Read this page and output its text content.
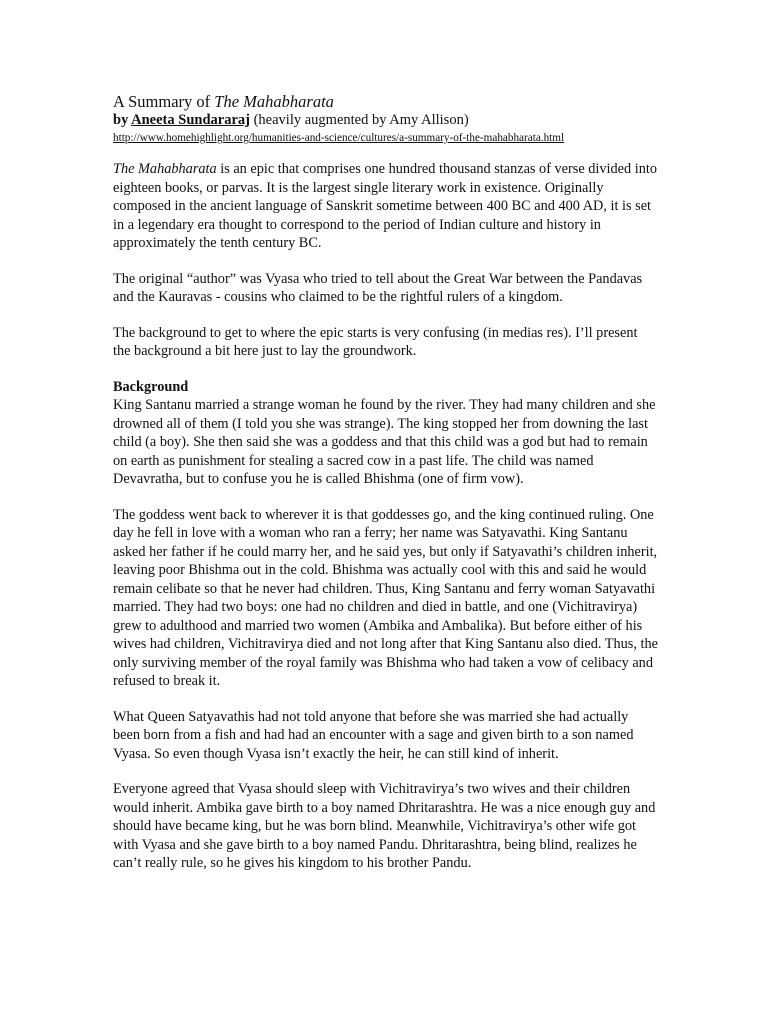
A Summary of The Mahabharata

by Aneeta Sundararaj (heavily augmented by Amy Allison)

http://www.homehighlight.org/humanities-and-science/cultures/a-summary-of-the-mahabharata.html

The Mahabharata is an epic that comprises one hundred thousand stanzas of verse divided into eighteen books, or parvas. It is the largest single literary work in existence. Originally composed in the ancient language of Sanskrit sometime between 400 BC and 400 AD, it is set in a legendary era thought to correspond to the period of Indian culture and history in approximately the tenth century BC.

The original “author” was Vyasa who tried to tell about the Great War between the Pandavas and the Kauravas - cousins who claimed to be the rightful rulers of a kingdom.

The background to get to where the epic starts is very confusing (in medias res). I’ll present the background a bit here just to lay the groundwork.

Background

King Santanu married a strange woman he found by the river. They had many children and she drowned all of them (I told you she was strange). The king stopped her from downing the last child (a boy). She then said she was a goddess and that this child was a god but had to remain on earth as punishment for stealing a sacred cow in a past life. The child was named Devavratha, but to confuse you he is called Bhishma (one of firm vow).

The goddess went back to wherever it is that goddesses go, and the king continued ruling. One day he fell in love with a woman who ran a ferry; her name was Satyavathi. King Santanu asked her father if he could marry her, and he said yes, but only if Satyavathi’s children inherit, leaving poor Bhishma out in the cold. Bhishma was actually cool with this and said he would remain celibate so that he never had children. Thus, King Santanu and ferry woman Satyavathi married. They had two boys: one had no children and died in battle, and one (Vichitravirya) grew to adulthood and married two women (Ambika and Ambalika). But before either of his wives had children, Vichitravirya died and not long after that King Santanu also died. Thus, the only surviving member of the royal family was Bhishma who had taken a vow of celibacy and refused to break it.

What Queen Satyavathis had not told anyone that before she was married she had actually been born from a fish and had had an encounter with a sage and given birth to a son named Vyasa. So even though Vyasa isn’t exactly the heir, he can still kind of inherit.

Everyone agreed that Vyasa should sleep with Vichitravirya’s two wives and their children would inherit. Ambika gave birth to a boy named Dhritarashtra. He was a nice enough guy and should have became king, but he was born blind. Meanwhile, Vichitravirya’s other wife got with Vyasa and she gave birth to a boy named Pandu. Dhritarashtra, being blind, realizes he can’t really rule, so he gives his kingdom to his brother Pandu.
